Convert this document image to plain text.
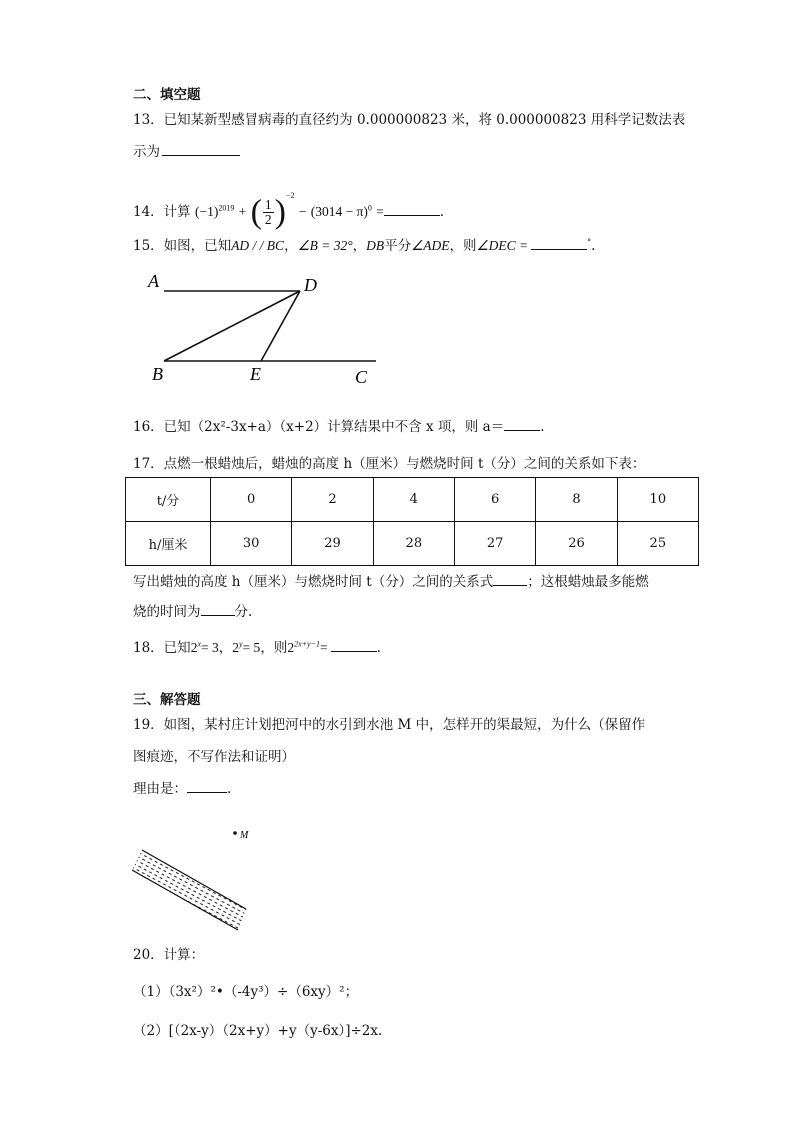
二、填空题
13．已知某新型感冒病毒的直径约为 0.000000823 米，将 0.000000823 用科学记数法表
示为
14．计算 $(-1)^{2019}$ + ( $\frac{1}{2} )^{-2} - (3014 - \pi)^0$ =	.
15．如图，已知AD / / BC，∠B = 32°，DB平分∠ADE，则∠DEC =	°.
A	D
B	E	C
16．已知（2x²-3x+a）（x+2）计算结果中不含 x 项，则 a＝	.
17．点燃一根蜡烛后，蜡烛的高度 h（厘米）与燃烧时间 t（分）之间的关系如下表：
t/分	0	2	4	6	8	10
h/厘米	30	29	28	27	26	25
写出蜡烛的高度 h（厘米）与燃烧时间 t（分）之间的关系式	；这根蜡烛最多能燃
烧的时间为	分.
18．已知$2^x= 3$，$2^y= 5$，则$2^{2x+y-1}=$	.
三、解答题
19．如图，某村庄计划把河中的水引到水池 M 中，怎样开的渠最短，为什么（保留作
图痕迹，不写作法和证明）
理由是：	.
M
20．计算：
（1）（3x²）²•（-4y³）÷（6xy）²；
（2）[（2x-y）（2x+y）+y（y-6x）]÷2x.
